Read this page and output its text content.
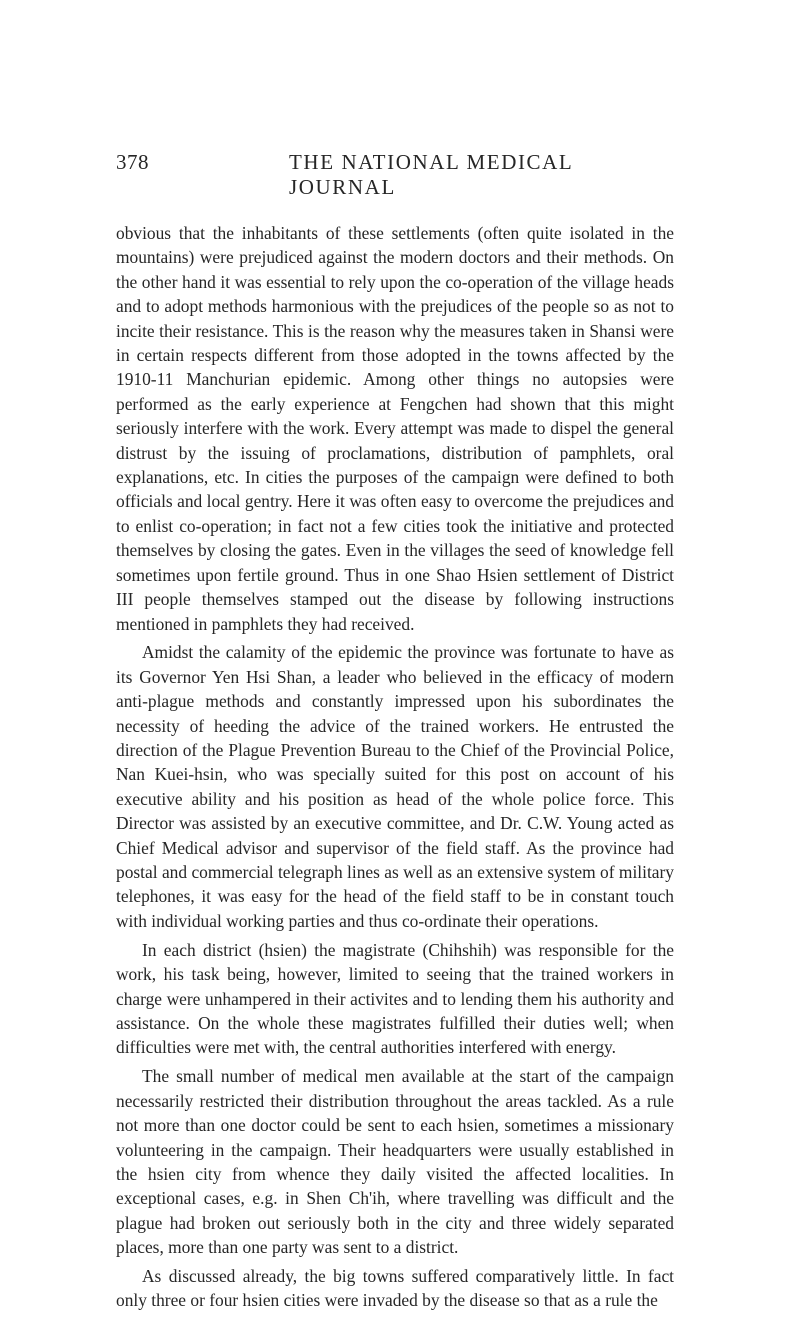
378	THE NATIONAL MEDICAL JOURNAL

obvious that the inhabitants of these settlements (often quite isolated in the mountains) were prejudiced against the modern doctors and their methods. On the other hand it was essential to rely upon the co-operation of the village heads and to adopt methods harmonious with the prejudices of the people so as not to incite their resistance. This is the reason why the measures taken in Shansi were in certain respects different from those adopted in the towns affected by the 1910-11 Manchurian epidemic. Among other things no autopsies were performed as the early experience at Fengchen had shown that this might seriously interfere with the work. Every attempt was made to dispel the general distrust by the issuing of proclamations, distribution of pamphlets, oral explanations, etc. In cities the purposes of the campaign were defined to both officials and local gentry. Here it was often easy to overcome the prejudices and to enlist co-operation; in fact not a few cities took the initiative and protected themselves by closing the gates. Even in the villages the seed of knowledge fell sometimes upon fertile ground. Thus in one Shao Hsien settlement of District III people themselves stamped out the disease by following instructions mentioned in pamphlets they had received.

Amidst the calamity of the epidemic the province was fortunate to have as its Governor Yen Hsi Shan, a leader who believed in the efficacy of modern anti-plague methods and constantly impressed upon his subordinates the necessity of heeding the advice of the trained workers. He entrusted the direction of the Plague Prevention Bureau to the Chief of the Provincial Police, Nan Kuei-hsin, who was specially suited for this post on account of his executive ability and his position as head of the whole police force. This Director was assisted by an executive committee, and Dr. C.W. Young acted as Chief Medical advisor and supervisor of the field staff. As the province had postal and commercial telegraph lines as well as an extensive system of military telephones, it was easy for the head of the field staff to be in constant touch with individual working parties and thus co-ordinate their operations.

In each district (hsien) the magistrate (Chihshih) was responsible for the work, his task being, however, limited to seeing that the trained workers in charge were unhampered in their activites and to lending them his authority and assistance. On the whole these magistrates fulfilled their duties well; when difficulties were met with, the central authorities interfered with energy.

The small number of medical men available at the start of the campaign necessarily restricted their distribution throughout the areas tackled. As a rule not more than one doctor could be sent to each hsien, sometimes a missionary volunteering in the campaign. Their headquarters were usually established in the hsien city from whence they daily visited the affected localities. In exceptional cases, e.g. in Shen Ch'ih, where travelling was difficult and the plague had broken out seriously both in the city and three widely separated places, more than one party was sent to a district.

As discussed already, the big towns suffered comparatively little. In fact only three or four hsien cities were invaded by the disease so that as a rule the
